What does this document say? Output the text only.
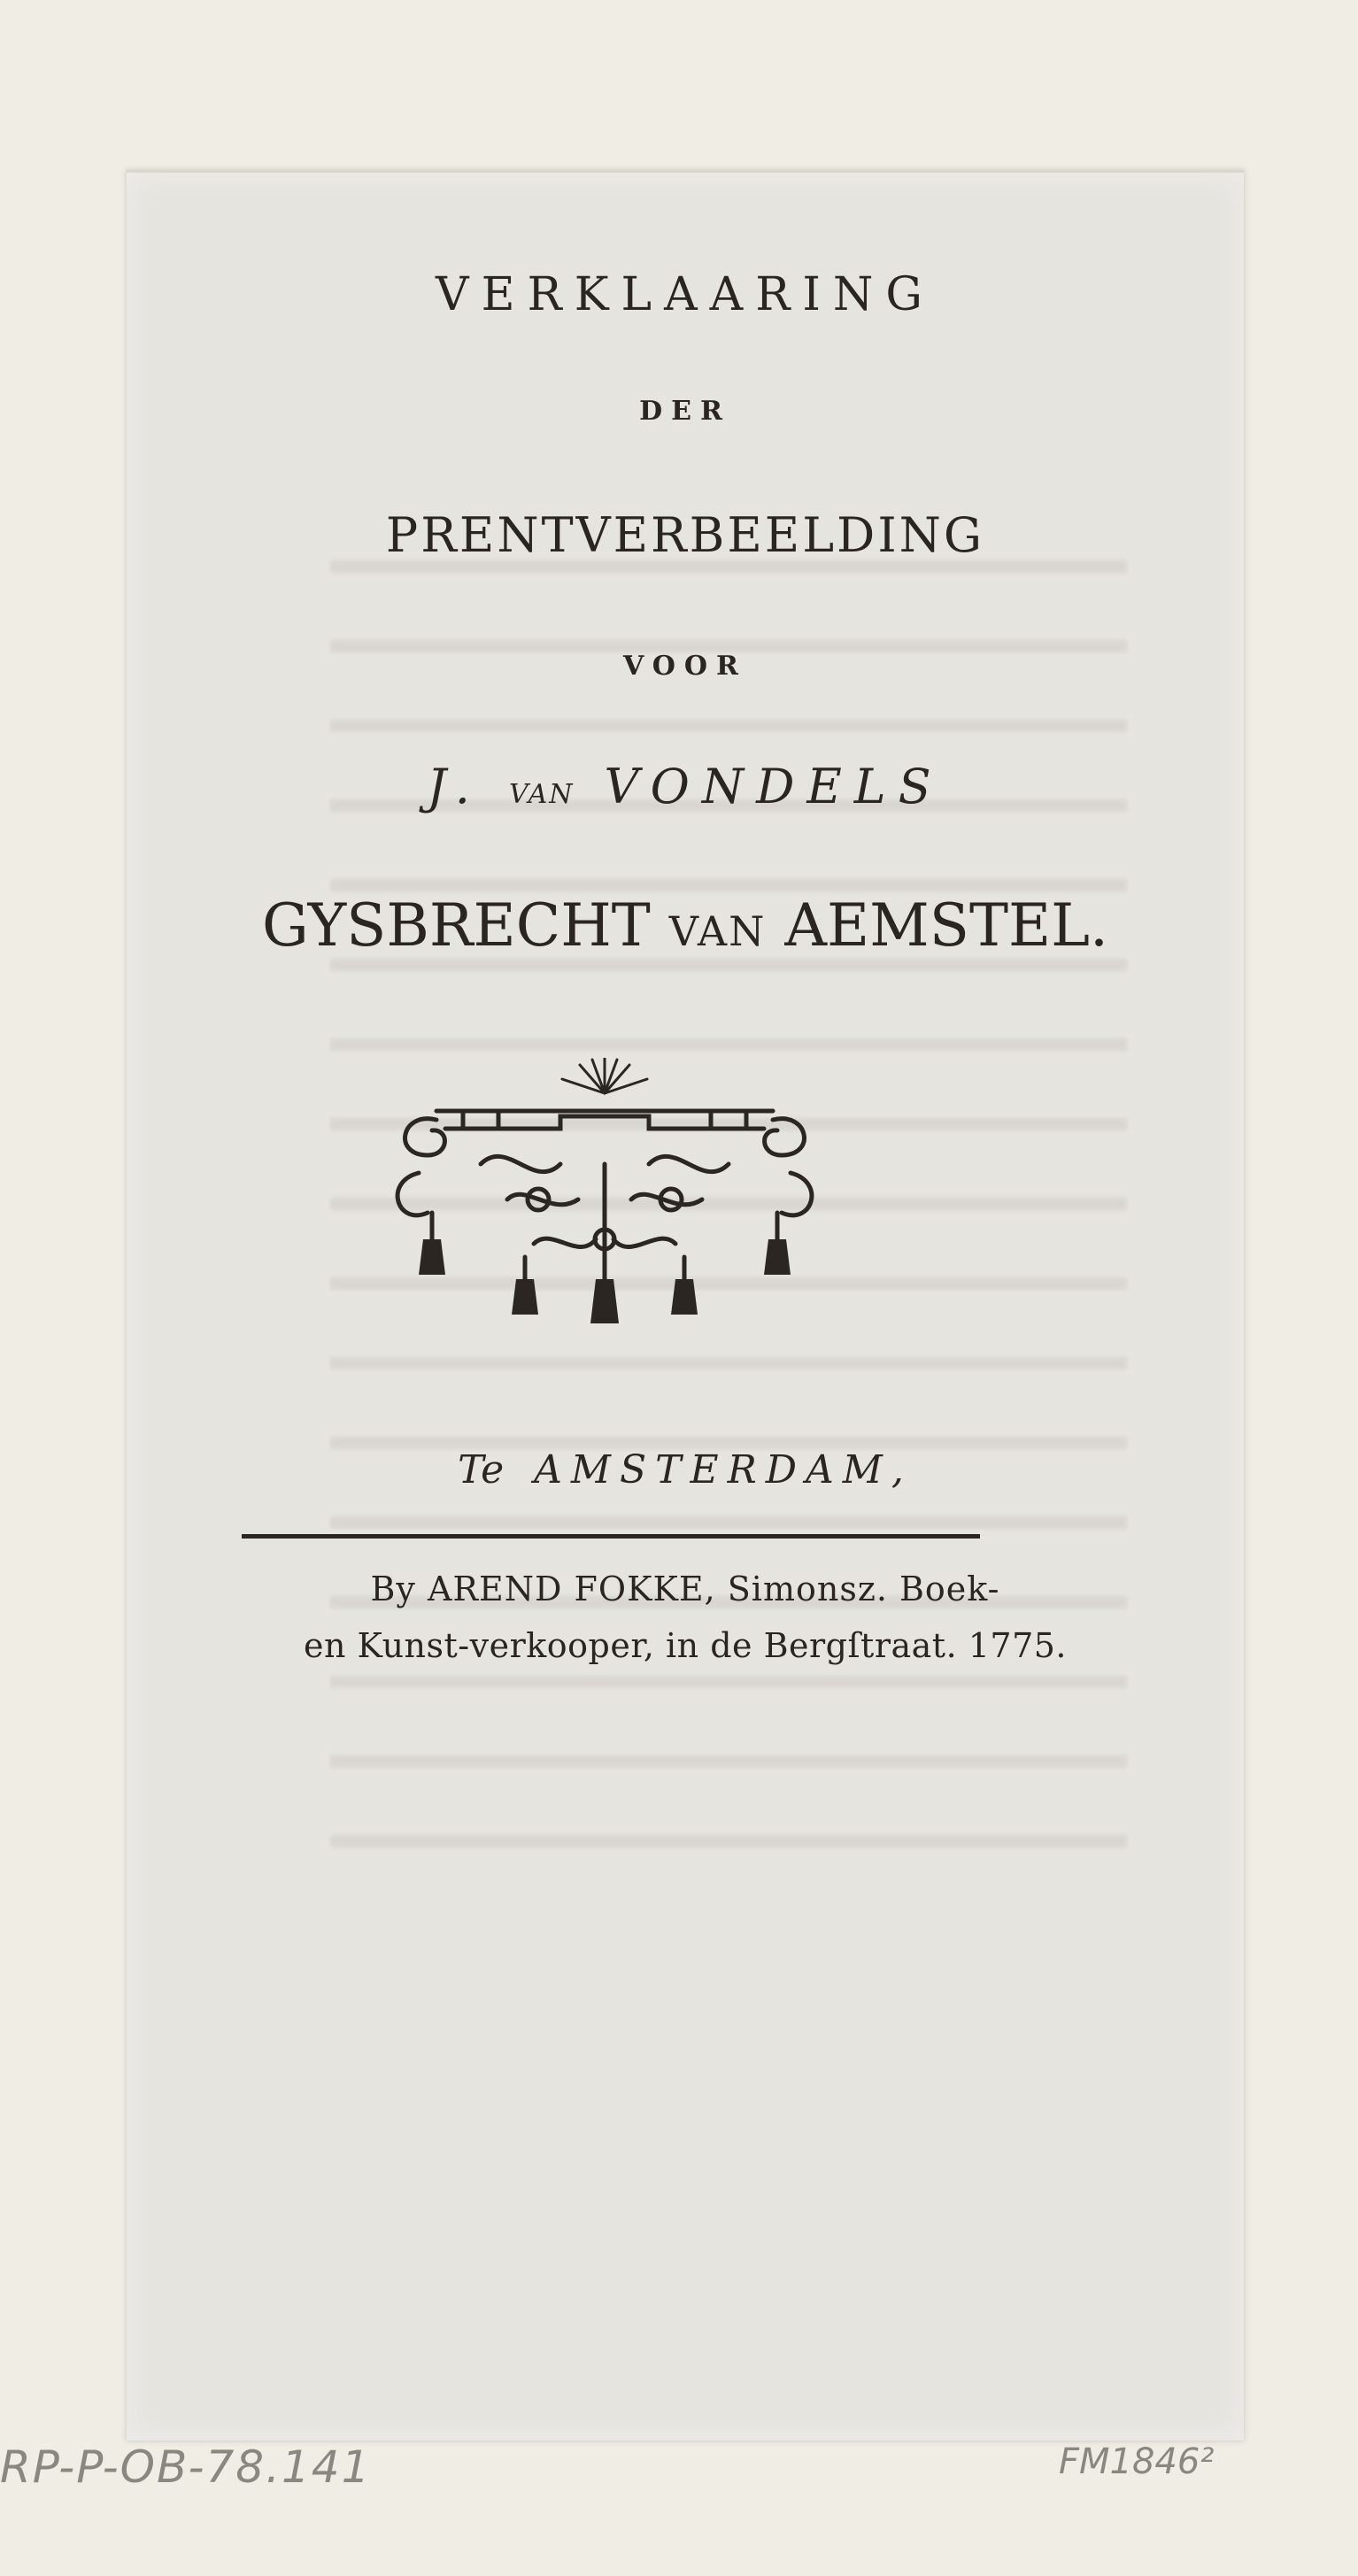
VERKLAARING
DER
PRENTVERBEELDING
VOOR
J. VAN VONDELS
GYSBRECHT VAN AEMSTEL.
Te AMSTERDAM,
By AREND FOKKE, Simonsz. Boek-
en Kunst-verkooper, in de Bergſtraat. 1775.
RP-P-OB-78.141	FM1846²
